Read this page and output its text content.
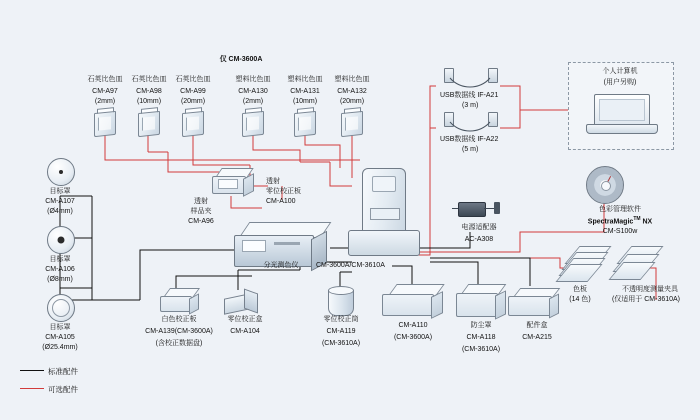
仅 CM-3600A
石英比色皿
CM-A97
(2mm)
石英比色皿
CM-A98
(10mm)
石英比色皿
CM-A99
(20mm)
塑料比色皿
CM-A130
(2mm)
塑料比色皿
CM-A131
(10mm)
塑料比色皿
CM-A132
(20mm)
USB数据线 IF-A21
(3 m)
USB数据线 IF-A22
(5 m)
个人计算机
(用户另购)
色彩管理软件
SpectraMagic™ NX
CM-S100w
目标罩
CM-A107
(Ø4mm)
目标罩
CM-A106
(Ø8mm)
目标罩
CM-A105
(Ø25.4mm)
透射
样品夹
CM-A96
透射
零位校正板
CM-A100
分光测色仪	CM-3600A/CM-3610A
电源适配器
AC-A308
色板
(14 色)
不透明度测量夹具
(仅适用于 CM-3610A)
白色校正板
CM-A139(CM-3600A)
(含校正数据盘)
零位校正盒
CM-A104
零位校正筒
CM-A119
(CM-3610A)
CM-A110
(CM-3600A)
防尘罩
CM-A118
(CM-3610A)
配件盒
CM-A215
标准配件
可选配件
